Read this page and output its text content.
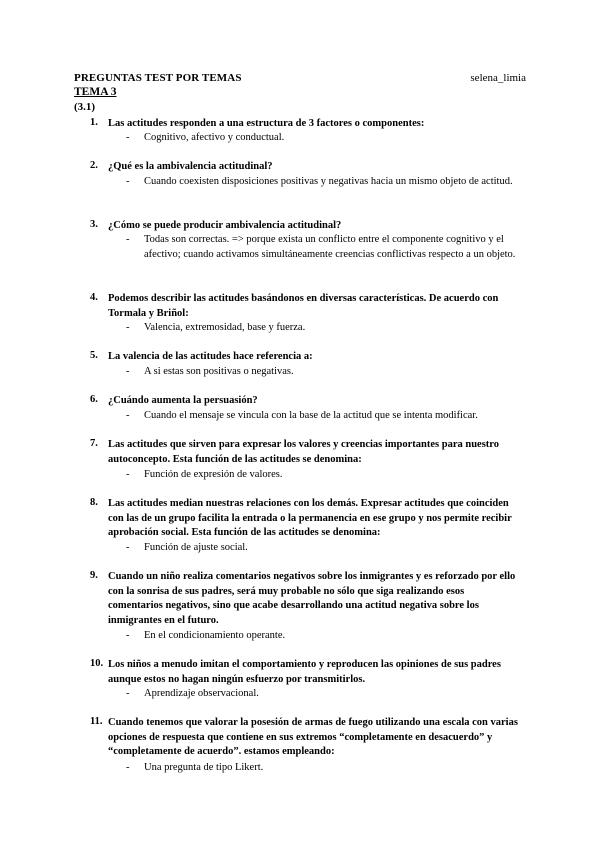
PREGUNTAS TEST POR TEMAS	selena_limia
TEMA 3
(3.1)
1. Las actitudes responden a una estructura de 3 factores o componentes:
- Cognitivo, afectivo y conductual.
2. ¿Qué es la ambivalencia actitudinal?
- Cuando coexisten disposiciones positivas y negativas hacia un mismo objeto de actitud.
3. ¿Cómo se puede producir ambivalencia actitudinal?
- Todas son correctas. => porque exista un conflicto entre el componente cognitivo y el afectivo; cuando activamos simultáneamente creencias conflictivas respecto a un objeto.
4. Podemos describir las actitudes basándonos en diversas características. De acuerdo con Tormala y Briñol:
- Valencia, extremosidad, base y fuerza.
5. La valencia de las actitudes hace referencia a:
- A si estas son positivas o negativas.
6. ¿Cuándo aumenta la persuasión?
- Cuando el mensaje se vincula con la base de la actitud que se intenta modificar.
7. Las actitudes que sirven para expresar los valores y creencias importantes para nuestro autoconcepto. Esta función de las actitudes se denomina:
- Función de expresión de valores.
8. Las actitudes median nuestras relaciones con los demás. Expresar actitudes que coinciden con las de un grupo facilita la entrada o la permanencia en ese grupo y nos permite recibir aprobación social. Esta función de las actitudes se denomina:
- Función de ajuste social.
9. Cuando un niño realiza comentarios negativos sobre los inmigrantes y es reforzado por ello con la sonrisa de sus padres, será muy probable no sólo que siga realizando esos comentarios negativos, sino que acabe desarrollando una actitud negativa sobre los inmigrantes en el futuro.
- En el condicionamiento operante.
10. Los niños a menudo imitan el comportamiento y reproducen las opiniones de sus padres aunque estos no hagan ningún esfuerzo por transmitirlos.
- Aprendizaje observacional.
11. Cuando tenemos que valorar la posesión de armas de fuego utilizando una escala con varias opciones de respuesta que contiene en sus extremos “completamente en desacuerdo” y “completamente de acuerdo”. estamos empleando:
- Una pregunta de tipo Likert.
